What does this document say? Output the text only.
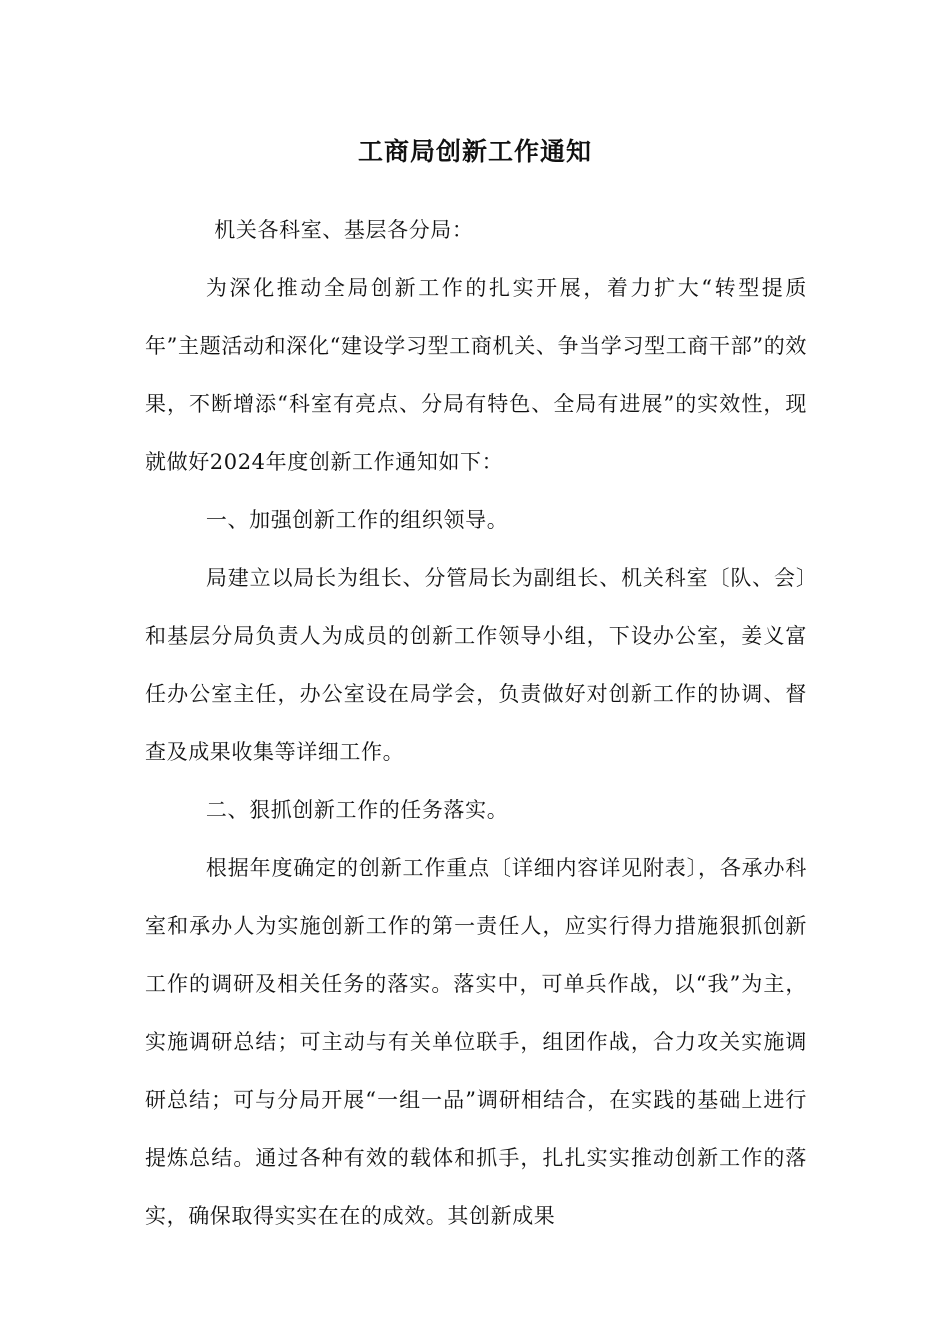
工商局创新工作通知

机关各科室、基层各分局：

为深化推动全局创新工作的扎实开展，着力扩大“转型提质年”主题活动和深化“建设学习型工商机关、争当学习型工商干部”的效果，不断增添“科室有亮点、分局有特色、全局有进展”的实效性，现就做好2024年度创新工作通知如下：

一、加强创新工作的组织领导。

局建立以局长为组长、分管局长为副组长、机关科室〔队、会〕和基层分局负责人为成员的创新工作领导小组，下设办公室，姜义富任办公室主任，办公室设在局学会，负责做好对创新工作的协调、督查及成果收集等详细工作。

二、狠抓创新工作的任务落实。

根据年度确定的创新工作重点〔详细内容详见附表〕，各承办科室和承办人为实施创新工作的第一责任人，应实行得力措施狠抓创新工作的调研及相关任务的落实。落实中，可单兵作战，以“我”为主，实施调研总结；可主动与有关单位联手，组团作战，合力攻关实施调研总结；可与分局开展“一组一品”调研相结合，在实践的基础上进行提炼总结。通过各种有效的载体和抓手，扎扎实实推动创新工作的落实，确保取得实实在在的成效。其创新成果
